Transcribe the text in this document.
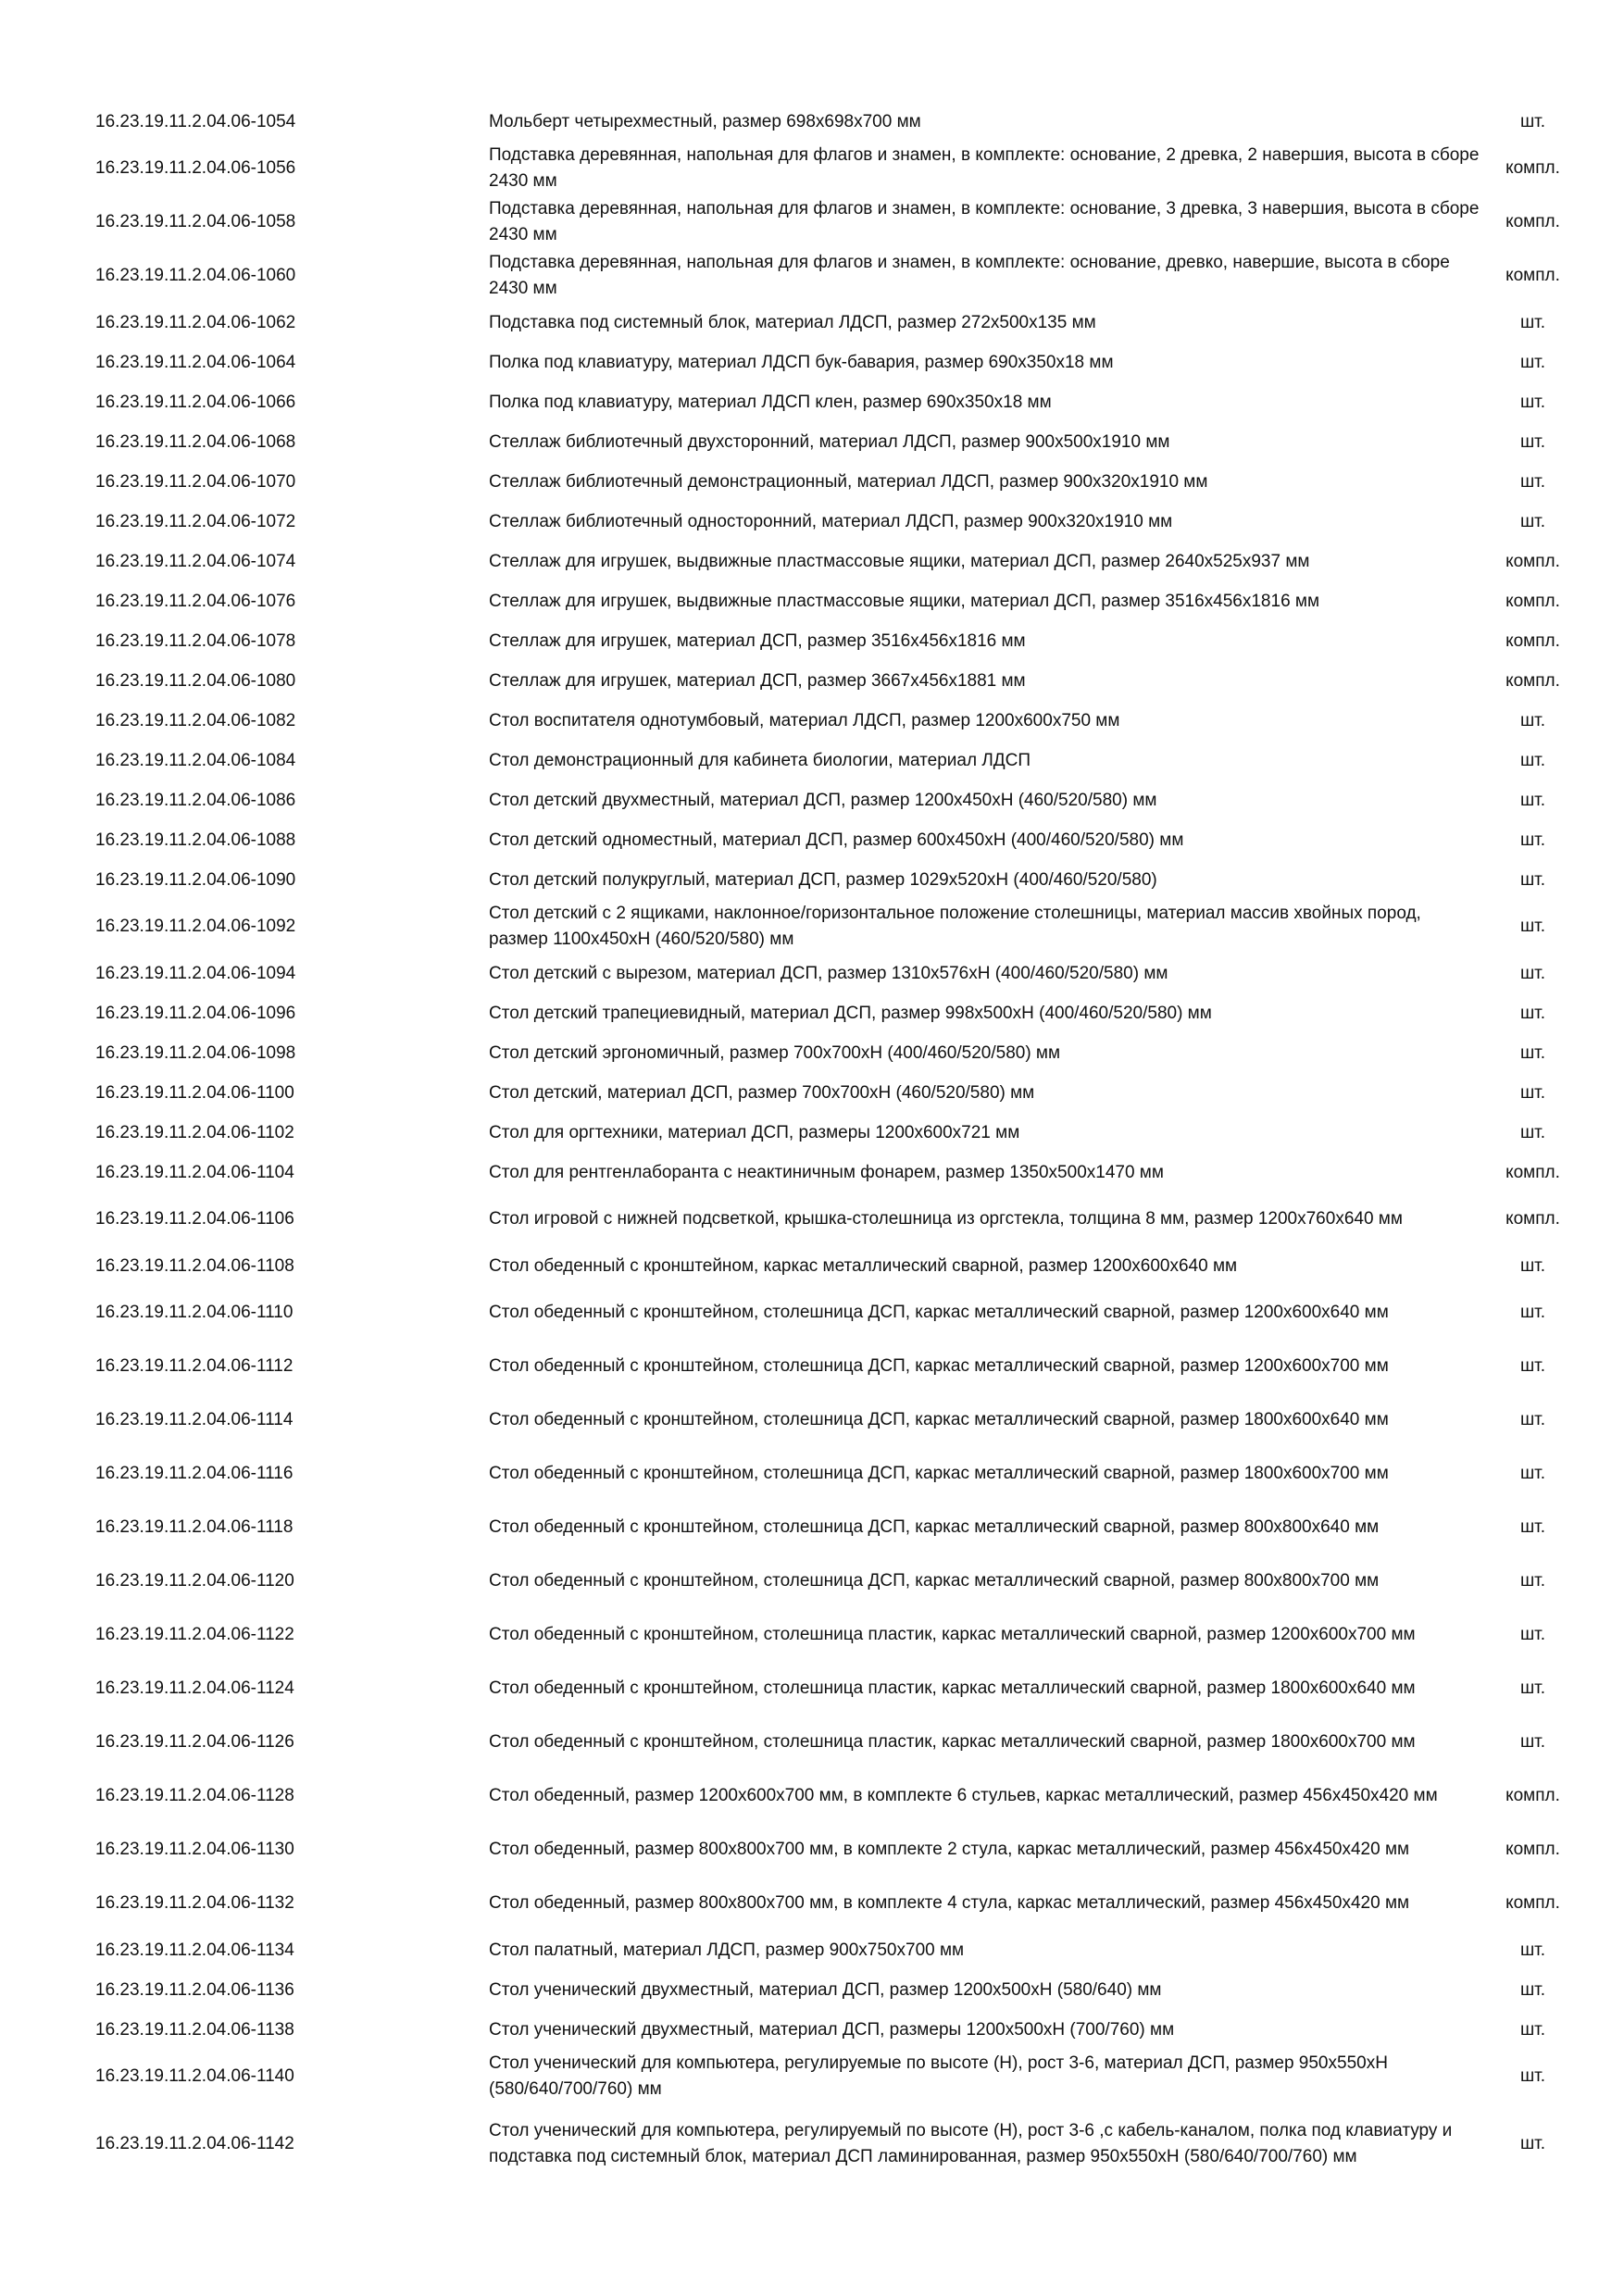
16.23.19.11.2.04.06-1054	Мольберт четырехместный, размер 698х698х700 мм	шт.
16.23.19.11.2.04.06-1056	Подставка деревянная, напольная для флагов и знамен, в комплекте: основание, 2 древка, 2 навершия, высота в сборе 2430 мм	компл.
16.23.19.11.2.04.06-1058	Подставка деревянная, напольная для флагов и знамен, в комплекте: основание, 3 древка, 3 навершия, высота в сборе 2430 мм	компл.
16.23.19.11.2.04.06-1060	Подставка деревянная, напольная для флагов и знамен, в комплекте: основание, древко, навершие, высота в сборе 2430 мм	компл.
16.23.19.11.2.04.06-1062	Подставка под системный блок, материал ЛДСП, размер 272х500х135 мм	шт.
16.23.19.11.2.04.06-1064	Полка под клавиатуру, материал ЛДСП бук-бавария, размер 690х350х18 мм	шт.
16.23.19.11.2.04.06-1066	Полка под клавиатуру, материал ЛДСП клен, размер 690х350х18 мм	шт.
16.23.19.11.2.04.06-1068	Стеллаж библиотечный двухсторонний, материал ЛДСП, размер 900х500х1910 мм	шт.
16.23.19.11.2.04.06-1070	Стеллаж библиотечный демонстрационный, материал ЛДСП, размер 900х320х1910 мм	шт.
16.23.19.11.2.04.06-1072	Стеллаж библиотечный односторонний, материал ЛДСП, размер 900х320х1910 мм	шт.
16.23.19.11.2.04.06-1074	Стеллаж для игрушек, выдвижные пластмассовые ящики, материал ДСП, размер 2640х525х937 мм	компл.
16.23.19.11.2.04.06-1076	Стеллаж для игрушек, выдвижные пластмассовые ящики, материал ДСП, размер 3516х456х1816 мм	компл.
16.23.19.11.2.04.06-1078	Стеллаж для игрушек, материал ДСП, размер 3516х456х1816 мм	компл.
16.23.19.11.2.04.06-1080	Стеллаж для игрушек, материал ДСП, размер 3667х456х1881 мм	компл.
16.23.19.11.2.04.06-1082	Стол воспитателя однотумбовый, материал ЛДСП, размер 1200х600х750 мм	шт.
16.23.19.11.2.04.06-1084	Стол демонстрационный для кабинета биологии, материал ЛДСП	шт.
16.23.19.11.2.04.06-1086	Стол детский двухместный, материал ДСП, размер 1200х450хН (460/520/580) мм	шт.
16.23.19.11.2.04.06-1088	Стол детский одноместный, материал ДСП, размер 600х450хН (400/460/520/580) мм	шт.
16.23.19.11.2.04.06-1090	Стол детский полукруглый, материал ДСП, размер 1029х520хН (400/460/520/580)	шт.
16.23.19.11.2.04.06-1092	Стол детский с 2 ящиками, наклонное/горизонтальное положение столешницы, материал массив хвойных пород, размер 1100х450хН (460/520/580) мм	шт.
16.23.19.11.2.04.06-1094	Стол детский с вырезом, материал ДСП, размер 1310х576хН (400/460/520/580) мм	шт.
16.23.19.11.2.04.06-1096	Стол детский трапециевидный, материал ДСП, размер 998х500хН (400/460/520/580) мм	шт.
16.23.19.11.2.04.06-1098	Стол детский эргономичный, размер 700х700хН (400/460/520/580) мм	шт.
16.23.19.11.2.04.06-1100	Стол детский, материал ДСП, размер 700х700хН (460/520/580) мм	шт.
16.23.19.11.2.04.06-1102	Стол для оргтехники, материал ДСП, размеры 1200х600х721 мм	шт.
16.23.19.11.2.04.06-1104	Стол для рентгенлаборанта с неактиничным фонарем, размер 1350х500х1470 мм	компл.
16.23.19.11.2.04.06-1106	Стол игровой с нижней подсветкой, крышка-столешница из оргстекла, толщина 8 мм, размер 1200х760х640 мм	компл.
16.23.19.11.2.04.06-1108	Стол обеденный с кронштейном, каркас металлический сварной, размер 1200х600х640 мм	шт.
16.23.19.11.2.04.06-1110	Стол обеденный с кронштейном, столешница ДСП, каркас металлический сварной, размер 1200х600х640 мм	шт.
16.23.19.11.2.04.06-1112	Стол обеденный с кронштейном, столешница ДСП, каркас металлический сварной, размер 1200х600х700 мм	шт.
16.23.19.11.2.04.06-1114	Стол обеденный с кронштейном, столешница ДСП, каркас металлический сварной, размер 1800х600х640 мм	шт.
16.23.19.11.2.04.06-1116	Стол обеденный с кронштейном, столешница ДСП, каркас металлический сварной, размер 1800х600х700 мм	шт.
16.23.19.11.2.04.06-1118	Стол обеденный с кронштейном, столешница ДСП, каркас металлический сварной, размер 800х800х640 мм	шт.
16.23.19.11.2.04.06-1120	Стол обеденный с кронштейном, столешница ДСП, каркас металлический сварной, размер 800х800х700 мм	шт.
16.23.19.11.2.04.06-1122	Стол обеденный с кронштейном, столешница пластик, каркас металлический сварной, размер 1200х600х700 мм	шт.
16.23.19.11.2.04.06-1124	Стол обеденный с кронштейном, столешница пластик, каркас металлический сварной, размер 1800х600х640 мм	шт.
16.23.19.11.2.04.06-1126	Стол обеденный с кронштейном, столешница пластик, каркас металлический сварной, размер 1800х600х700 мм	шт.
16.23.19.11.2.04.06-1128	Стол обеденный, размер 1200х600х700 мм, в комплекте 6 стульев, каркас металлический, размер 456х450х420 мм	компл.
16.23.19.11.2.04.06-1130	Стол обеденный, размер 800х800х700 мм, в комплекте 2 стула, каркас металлический, размер 456х450х420 мм	компл.
16.23.19.11.2.04.06-1132	Стол обеденный, размер 800х800х700 мм, в комплекте 4 стула, каркас металлический, размер 456х450х420 мм	компл.
16.23.19.11.2.04.06-1134	Стол палатный, материал ЛДСП, размер 900х750х700 мм	шт.
16.23.19.11.2.04.06-1136	Стол ученический двухместный, материал ДСП, размер 1200х500хН (580/640) мм	шт.
16.23.19.11.2.04.06-1138	Стол ученический двухместный, материал ДСП, размеры 1200х500хН (700/760) мм	шт.
16.23.19.11.2.04.06-1140	Стол ученический для компьютера, регулируемые по высоте (Н), рост 3-6, материал ДСП, размер 950х550хН (580/640/700/760) мм	шт.
16.23.19.11.2.04.06-1142	Стол ученический для компьютера, регулируемый по высоте (Н), рост 3-6 ,с кабель-каналом, полка под клавиатуру и подставка под системный блок, материал ДСП ламинированная, размер 950х550хН (580/640/700/760) мм	шт.
